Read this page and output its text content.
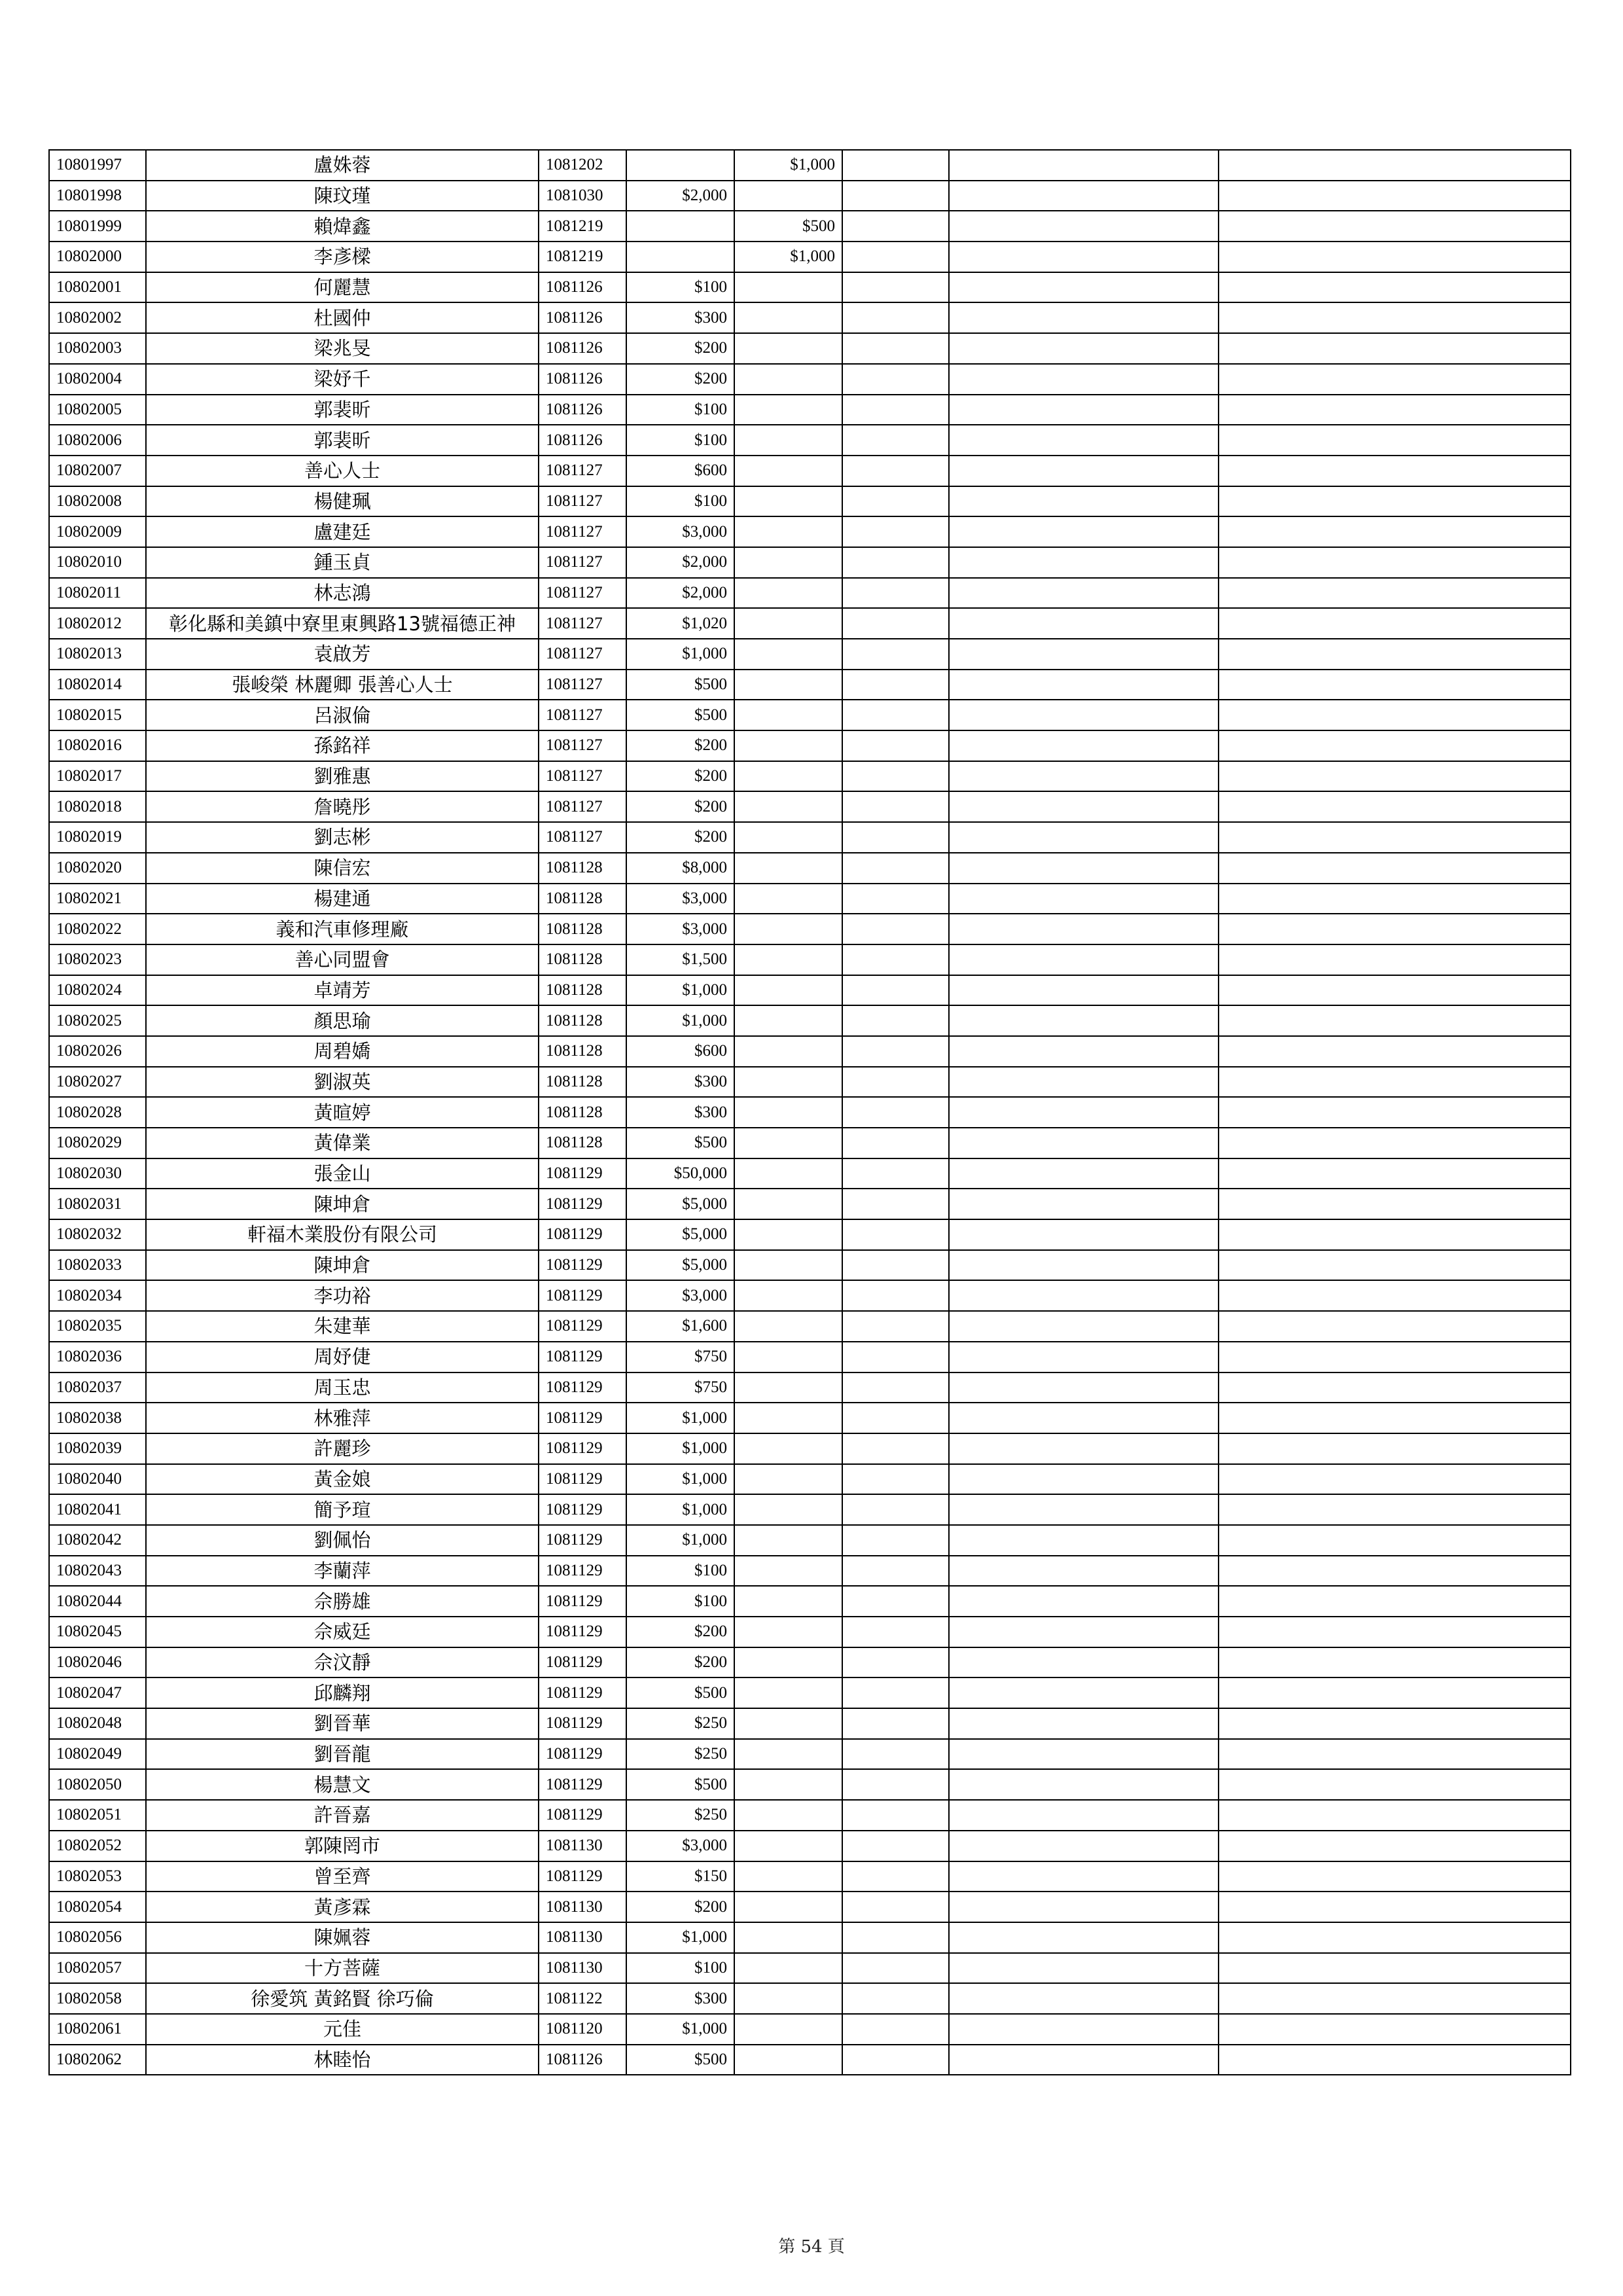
10801997	盧姝蓉	1081202		$1,000			
10801998	陳玟瑾	1081030	$2,000				
10801999	賴煒鑫	1081219		$500			
10802000	李彥樑	1081219		$1,000			
10802001	何麗慧	1081126	$100				
10802002	杜國仲	1081126	$300				
10802003	梁兆旻	1081126	$200				
10802004	梁妤千	1081126	$200				
10802005	郭裴昕	1081126	$100				
10802006	郭裴昕	1081126	$100				
10802007	善心人士	1081127	$600				
10802008	楊健珮	1081127	$100				
10802009	盧建廷	1081127	$3,000				
10802010	鍾玉貞	1081127	$2,000				
10802011	林志鴻	1081127	$2,000				
10802012	彰化縣和美鎮中寮里東興路13號福德正神	1081127	$1,020				
10802013	袁啟芳	1081127	$1,000				
10802014	張峻榮 林麗卿 張善心人士	1081127	$500				
10802015	呂淑倫	1081127	$500				
10802016	孫銘祥	1081127	$200				
10802017	劉雅惠	1081127	$200				
10802018	詹曉彤	1081127	$200				
10802019	劉志彬	1081127	$200				
10802020	陳信宏	1081128	$8,000				
10802021	楊建通	1081128	$3,000				
10802022	義和汽車修理廠	1081128	$3,000				
10802023	善心同盟會	1081128	$1,500				
10802024	卓靖芳	1081128	$1,000				
10802025	顏思瑜	1081128	$1,000				
10802026	周碧嬌	1081128	$600				
10802027	劉淑英	1081128	$300				
10802028	黃暄婷	1081128	$300				
10802029	黃偉業	1081128	$500				
10802030	張金山	1081129	$50,000				
10802031	陳坤倉	1081129	$5,000				
10802032	軒福木業股份有限公司	1081129	$5,000				
10802033	陳坤倉	1081129	$5,000				
10802034	李功裕	1081129	$3,000				
10802035	朱建華	1081129	$1,600				
10802036	周妤倢	1081129	$750				
10802037	周玉忠	1081129	$750				
10802038	林雅萍	1081129	$1,000				
10802039	許麗珍	1081129	$1,000				
10802040	黃金娘	1081129	$1,000				
10802041	簡予瑄	1081129	$1,000				
10802042	劉佩怡	1081129	$1,000				
10802043	李蘭萍	1081129	$100				
10802044	佘勝雄	1081129	$100				
10802045	佘威廷	1081129	$200				
10802046	佘汶靜	1081129	$200				
10802047	邱麟翔	1081129	$500				
10802048	劉晉華	1081129	$250				
10802049	劉晉龍	1081129	$250				
10802050	楊慧文	1081129	$500				
10802051	許晉嘉	1081129	$250				
10802052	郭陳罔市	1081130	$3,000				
10802053	曾至齊	1081129	$150				
10802054	黃彥霖	1081130	$200				
10802056	陳姵蓉	1081130	$1,000				
10802057	十方菩薩	1081130	$100				
10802058	徐愛筑 黃銘賢 徐巧倫	1081122	$300				
10802061	元佳	1081120	$1,000				
10802062	林睦怡	1081126	$500				
第 54 頁
